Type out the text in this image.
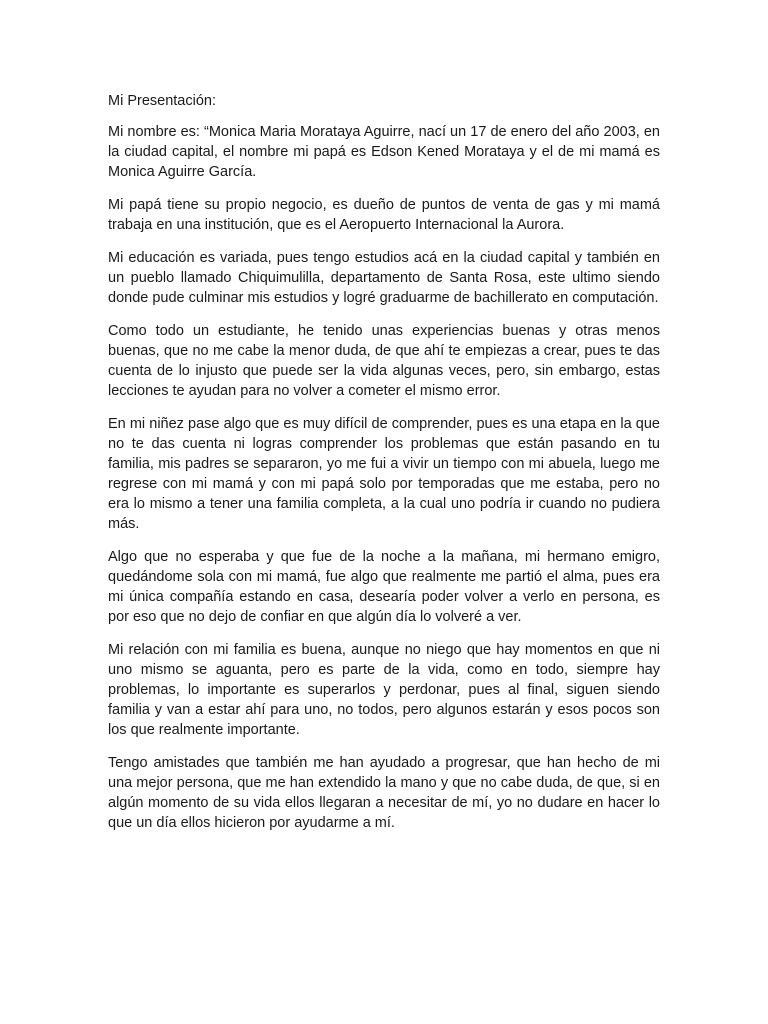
Mi Presentación:

Mi nombre es: “Monica Maria Morataya Aguirre, nací un 17 de enero del año 2003, en la ciudad capital, el nombre mi papá es Edson Kened Morataya y el de mi mamá es Monica Aguirre García.

Mi papá tiene su propio negocio, es dueño de puntos de venta de gas y mi mamá trabaja en una institución, que es el Aeropuerto Internacional la Aurora.

Mi educación es variada, pues tengo estudios acá en la ciudad capital y también en un pueblo llamado Chiquimulilla, departamento de Santa Rosa, este ultimo siendo donde pude culminar mis estudios y logré graduarme de bachillerato en computación.

Como todo un estudiante, he tenido unas experiencias buenas y otras menos buenas, que no me cabe la menor duda, de que ahí te empiezas a crear, pues te das cuenta de lo injusto que puede ser la vida algunas veces, pero, sin embargo, estas lecciones te ayudan para no volver a cometer el mismo error.

En mi niñez pase algo que es muy difícil de comprender, pues es una etapa en la que no te das cuenta ni logras comprender los problemas que están pasando en tu familia, mis padres se separaron, yo me fui a vivir un tiempo con mi abuela, luego me regrese con mi mamá y con mi papá solo por temporadas que me estaba, pero no era lo mismo a tener una familia completa, a la cual uno podría ir cuando no pudiera más.

Algo que no esperaba y que fue de la noche a la mañana, mi hermano emigro, quedándome sola con mi mamá, fue algo que realmente me partió el alma, pues era mi única compañía estando en casa, desearía poder volver a verlo en persona, es por eso que no dejo de confiar en que algún día lo volveré a ver.

Mi relación con mi familia es buena, aunque no niego que hay momentos en que ni uno mismo se aguanta, pero es parte de la vida, como en todo, siempre hay problemas, lo importante es superarlos y perdonar, pues al final, siguen siendo familia y van a estar ahí para uno, no todos, pero algunos estarán y esos pocos son los que realmente importante.

Tengo amistades que también me han ayudado a progresar, que han hecho de mi una mejor persona, que me han extendido la mano y que no cabe duda, de que, si en algún momento de su vida ellos llegaran a necesitar de mí, yo no dudare en hacer lo que un día ellos hicieron por ayudarme a mí.
